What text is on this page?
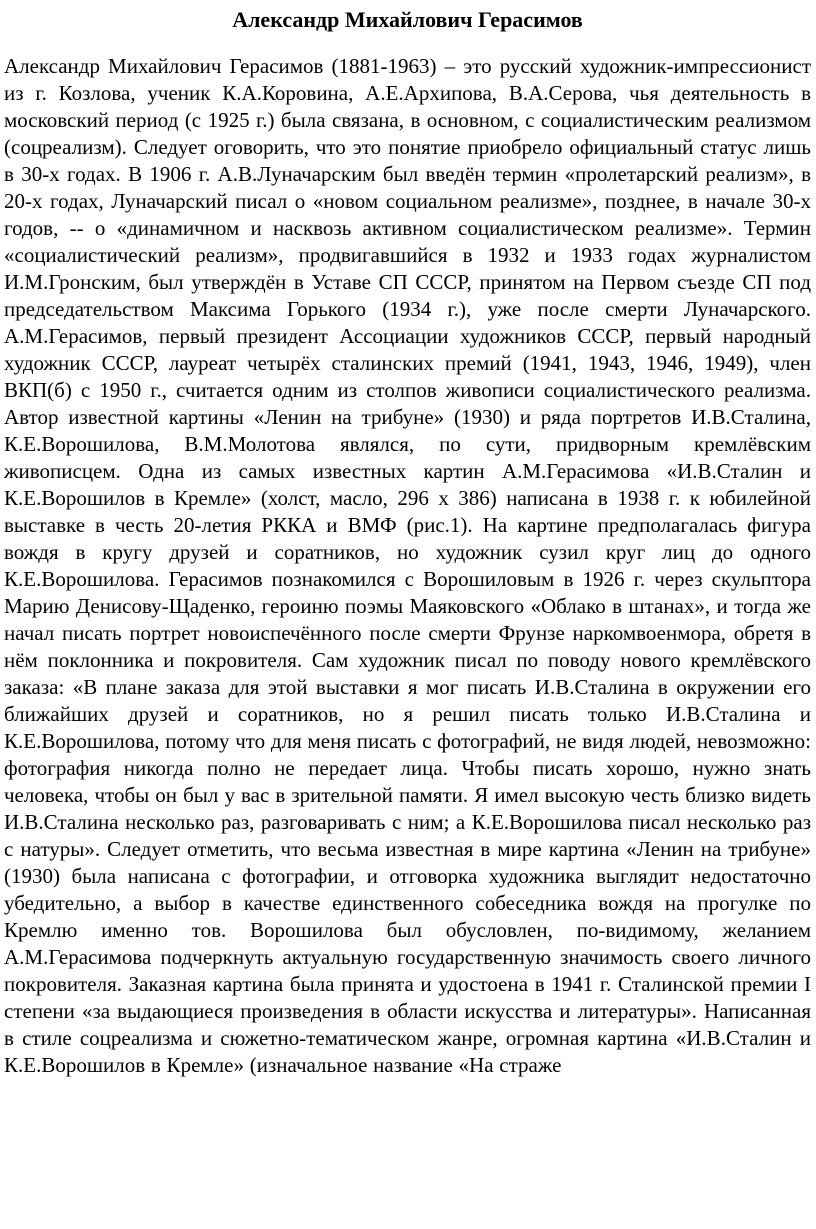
Александр Михайлович Герасимов

Александр Михайлович Герасимов (1881-1963) – это русский художник-импрессионист из г. Козлова, ученик К.А.Коровина, А.Е.Архипова, В.А.Серова, чья деятельность в московский период (с 1925 г.) была связана, в основном, с социалистическим реализмом (соцреализм). Следует оговорить, что это понятие приобрело официальный статус лишь в 30-х годах. В 1906 г. А.В.Луначарским был введён термин «пролетарский реализм», в 20-х годах, Луначарский писал о «новом социальном реализме», позднее, в начале 30-х годов, -- о «динамичном и насквозь активном социалистическом реализме». Термин «социалистический реализм», продвигавшийся в 1932 и 1933 годах журналистом И.М.Гронским, был утверждён в Уставе СП СССР, принятом на Первом съезде СП под председательством Максима Горького (1934 г.), уже после смерти Луначарского. А.М.Герасимов, первый президент Ассоциации художников СССР, первый народный художник СССР, лауреат четырёх сталинских премий (1941, 1943, 1946, 1949), член ВКП(б) с 1950 г., считается одним из столпов живописи социалистического реализма. Автор известной картины «Ленин на трибуне» (1930) и ряда портретов И.В.Сталина, К.Е.Ворошилова, В.М.Молотова являлся, по сути, придворным кремлёвским живописцем. Одна из самых известных картин А.М.Герасимова «И.В.Сталин и К.Е.Ворошилов в Кремле» (холст, масло, 296 х 386) написана в 1938 г. к юбилейной выставке в честь 20-летия РККА и ВМФ (рис.1). На картине предполагалась фигура вождя в кругу друзей и соратников, но художник сузил круг лиц до одного К.Е.Ворошилова. Герасимов познакомился с Ворошиловым в 1926 г. через скульптора Марию Денисову-Щаденко, героиню поэмы Маяковского «Облако в штанах», и тогда же начал писать портрет новоиспечённого после смерти Фрунзе наркомвоенмора, обретя в нём поклонника и покровителя. Сам художник писал по поводу нового кремлёвского заказа: «В плане заказа для этой выставки я мог писать И.В.Сталина в окружении его ближайших друзей и соратников, но я решил писать только И.В.Сталина и К.Е.Ворошилова, потому что для меня писать с фотографий, не видя людей, невозможно: фотография никогда полно не передает лица. Чтобы писать хорошо, нужно знать человека, чтобы он был у вас в зрительной памяти. Я имел высокую честь близко видеть И.В.Сталина несколько раз, разговаривать с ним; а К.Е.Ворошилова писал несколько раз с натуры». Следует отметить, что весьма известная в мире картина «Ленин на трибуне» (1930) была написана с фотографии, и отговорка художника выглядит недостаточно убедительно, а выбор в качестве единственного собеседника вождя на прогулке по Кремлю именно тов. Ворошилова был обусловлен, по-видимому, желанием А.М.Герасимова подчеркнуть актуальную государственную значимость своего личного покровителя. Заказная картина была принята и удостоена в 1941 г. Сталинской премии I степени «за выдающиеся произведения в области искусства и литературы». Написанная в стиле соцреализма и сюжетно-тематическом жанре, огромная картина «И.В.Сталин и К.Е.Ворошилов в Кремле» (изначальное название «На страже
